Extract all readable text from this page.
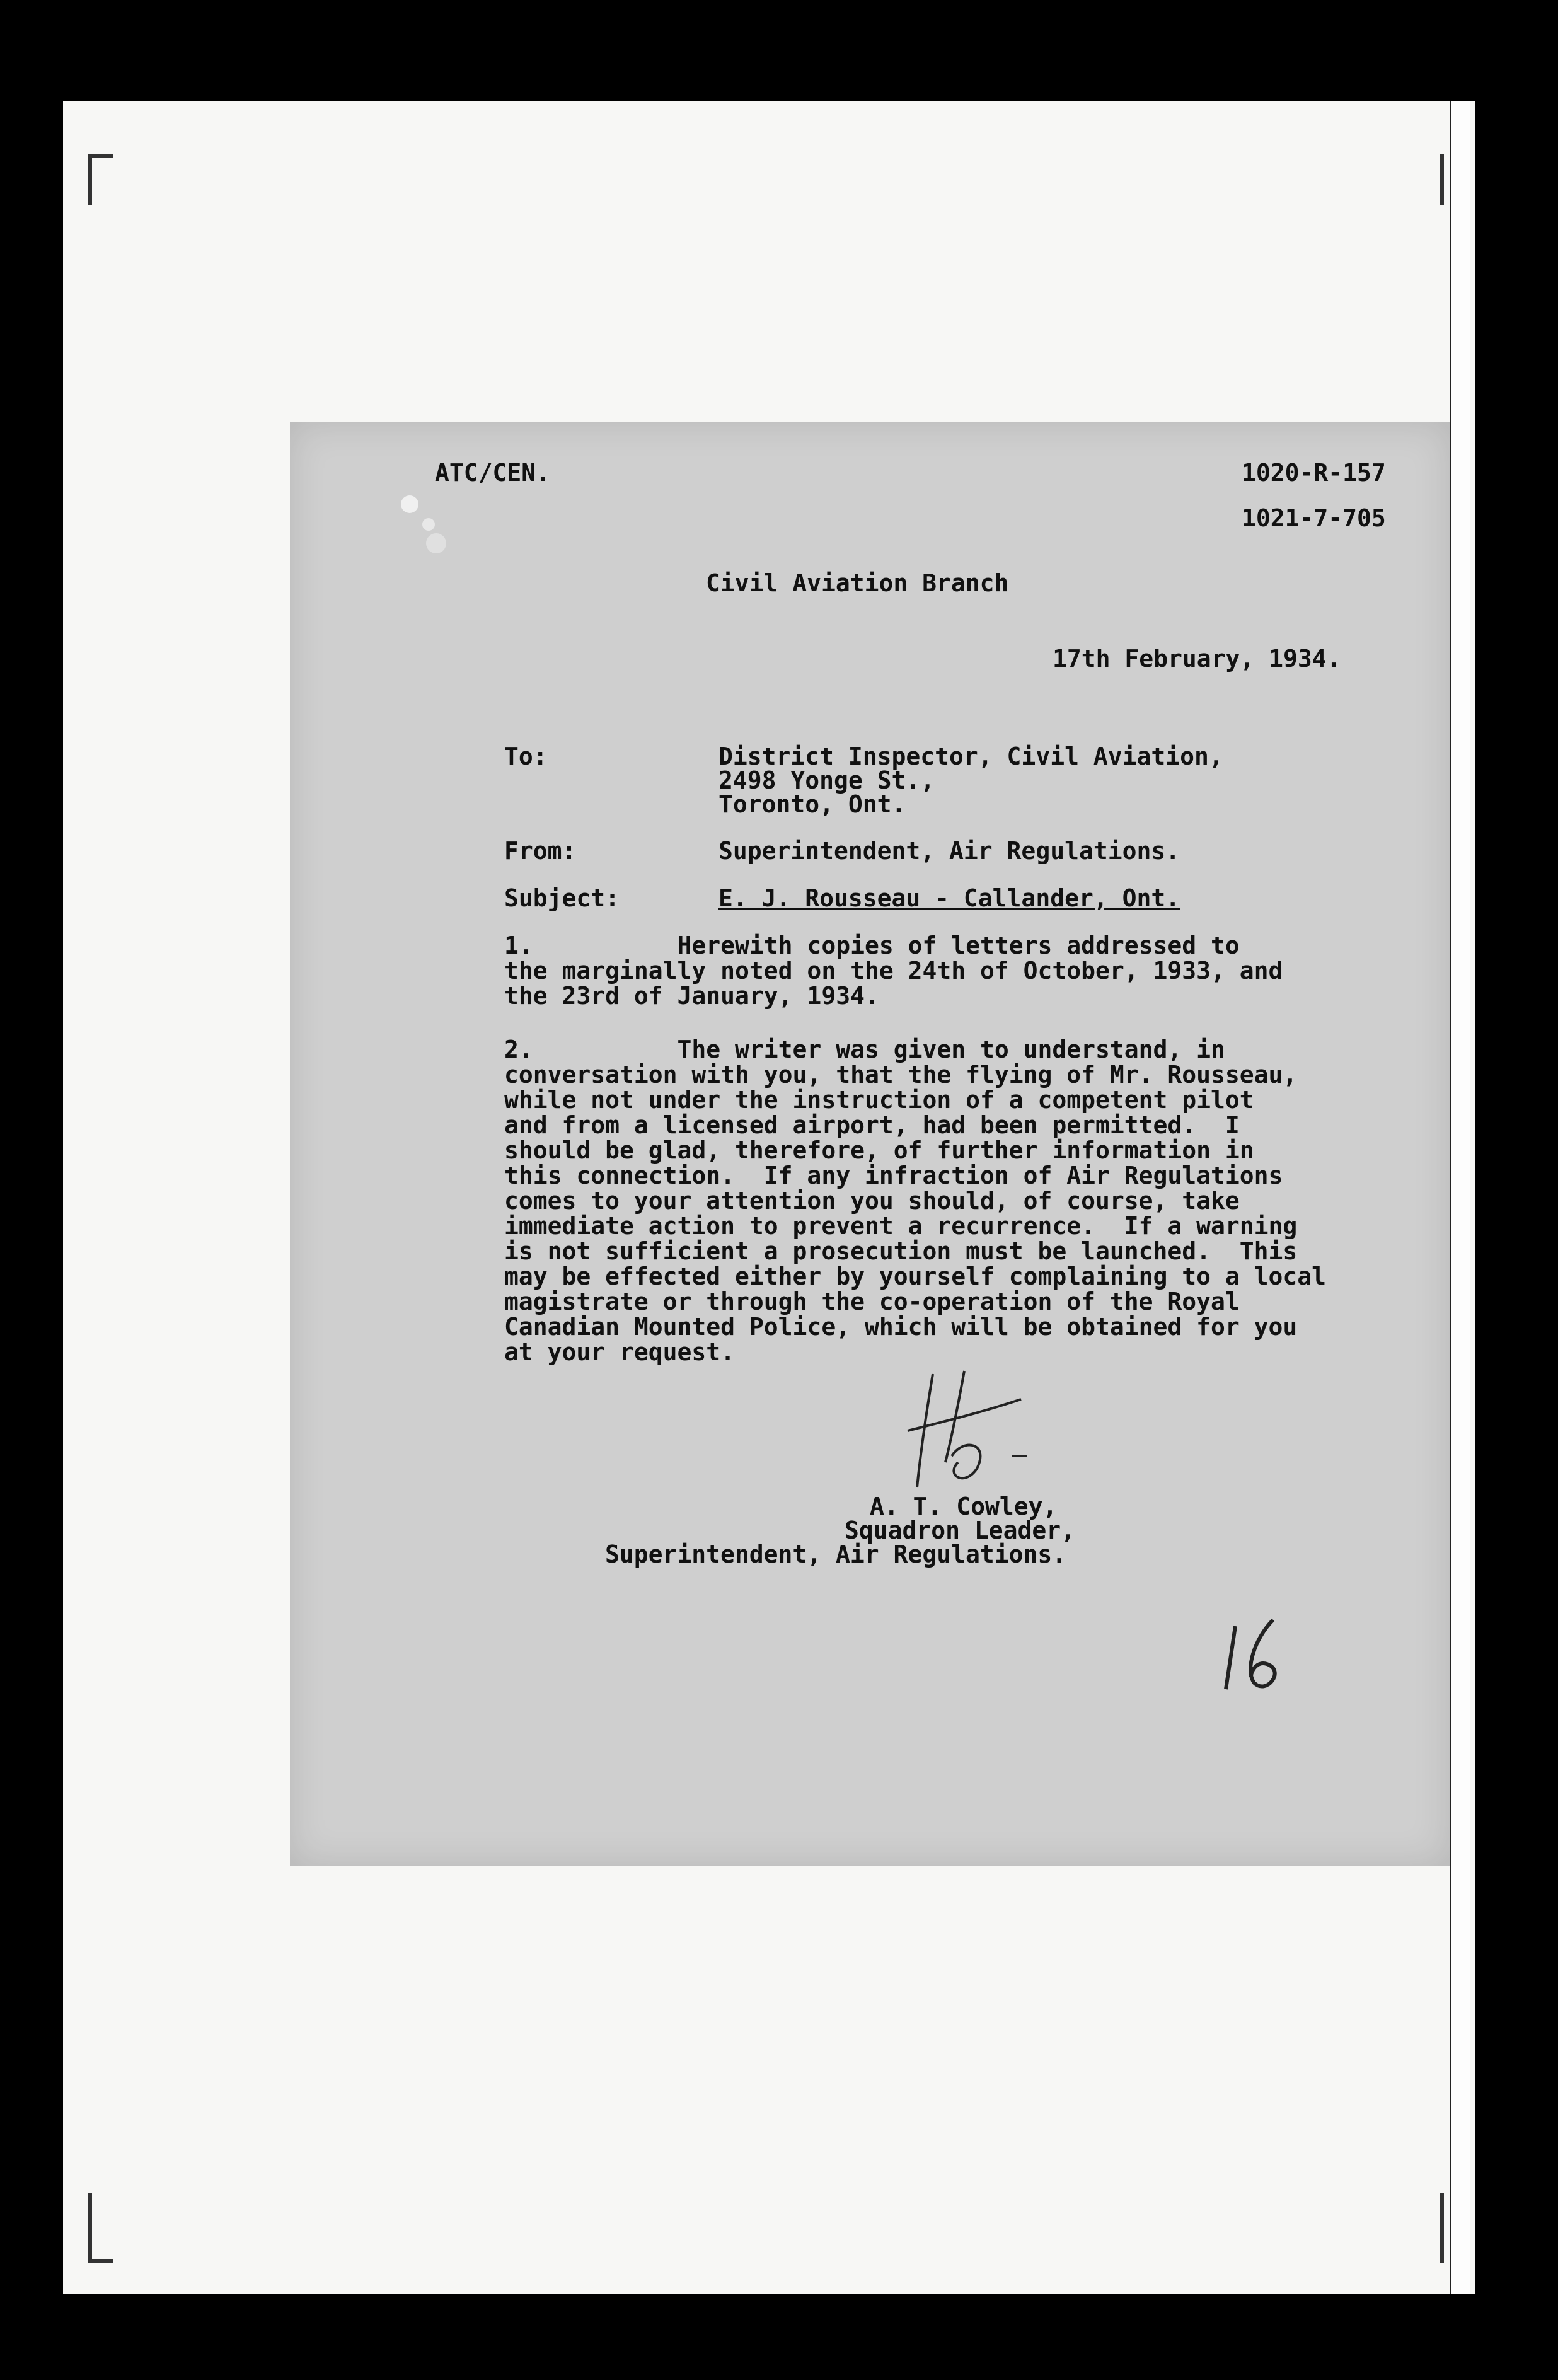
ATC/CEN.	1020-R-157
1021-7-705
Civil Aviation Branch
17th February, 1934.
To:	District Inspector, Civil Aviation,
2498 Yonge St.,
Toronto, Ont.
From:	Superintendent, Air Regulations.
Subject:	E. J. Rousseau - Callander, Ont.
1.          Herewith copies of letters addressed to
the marginally noted on the 24th of October, 1933, and
the 23rd of January, 1934.
2.          The writer was given to understand, in
conversation with you, that the flying of Mr. Rousseau,
while not under the instruction of a competent pilot
and from a licensed airport, had been permitted.  I
should be glad, therefore, of further information in
this connection.  If any infraction of Air Regulations
comes to your attention you should, of course, take
immediate action to prevent a recurrence.  If a warning
is not sufficient a prosecution must be launched.  This
may be effected either by yourself complaining to a local
magistrate or through the co-operation of the Royal
Canadian Mounted Police, which will be obtained for you
at your request.
A. T. Cowley,
Squadron Leader,
Superintendent, Air Regulations.
